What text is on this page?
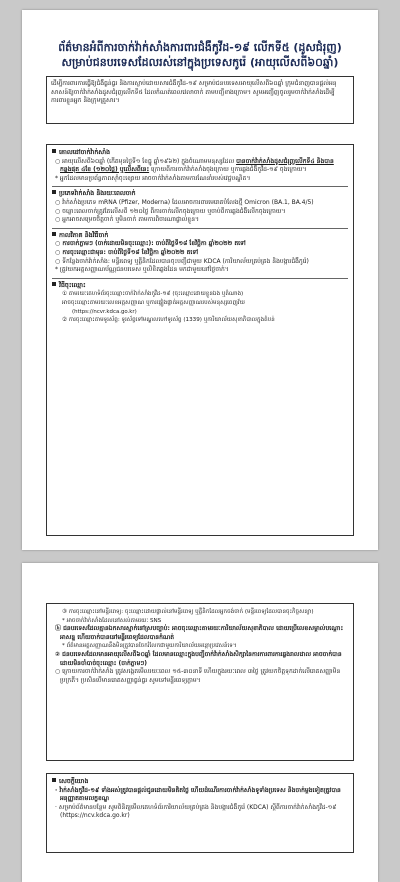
ព័ត៌មានអំពីការចាក់វ៉ាក់សាំងការពារជំងឺកូវីដ-១៩ លើកទី៥ (ដូសជំរុញ)
សម្រាប់ជនបរទេសដែលរស់នៅក្នុងប្រទេសកូរ៉េ (អាយុលើសពី៦០ឆ្នាំ)
ដើម្បីការពារការធ្វើឱ្យជំងឺធ្ងន់ធ្ងរ និងការស្លាប់ដោយសារជំងឺកូវីដ-១៩ សម្រាប់ជនបរទេសអាយុលើសពី៦០ឆ្នាំ ក្រុមជំនាញបានផ្តល់អនុសាសន៍ឱ្យចាក់វ៉ាក់សាំងដូសជំរុញលើកទី៥ ដែលកំណត់ពេលវេលាចាក់ តាមបញ្ជីខាងក្រោម។ សូមអញ្ជើញចូលរួមចាក់វ៉ាក់សាំងដើម្បីការពារខ្លួនអ្នក និងក្រុមគ្រួសារ។
គោលដៅចាក់វ៉ាក់សាំង
○ អាយុលើសពី៦០ឆ្នាំ (កើតមុនថ្ងៃទី១ ខែធ្នូ ឆ្នាំ១៩៦២) ក្នុងចំណោមមនុស្សដែល បានចាក់វ៉ាក់សាំងដូសជំរុញលើកទី៤ និងបានកន្លងផុត ៤ខែ (១២០ថ្ងៃ) ឬលើសពីនេះ ក្រោយពីការចាក់វ៉ាក់សាំងចុងក្រោយ ឬការឆ្លងជំងឺកូវីដ-១៩ ចុងក្រោយ។
* អ្នកដែលមានប្រព័ន្ធភាពស៊ាំចុះខ្សោយ អាចចាក់វ៉ាក់សាំងតាមការណែនាំរបស់វេជ្ជបណ្ឌិត។
ប្រភេទវ៉ាក់សាំង និងរយៈពេលចាក់
○ វ៉ាក់សាំងប្រភេទ mRNA (Pfizer, Moderna) ដែលអាចការពារមេរោគបំលែងថ្មី Omicron (BA.1, BA.4/5)
○ ចន្លោះពេលចាក់ត្រូវតែលើសពី ១២០ថ្ងៃ ពីការចាក់លើកចុងក្រោយ ឬចាប់ពីការឆ្លងជំងឺលើកចុងក្រោយ។
○ អ្នកអាចសម្រេចចិត្តចាក់ ឬមិនចាក់ តាមការពិចារណាផ្ទាល់ខ្លួន។
កាលវិភាគ និងវិធីចាក់
○ ការចាក់ភ្លាមៗ (ចាក់ដោយមិនចុះឈ្មោះ): ចាប់ពីថ្ងៃទី១៨ ខែវិច្ឆិកា ឆ្នាំ២០២២ តទៅ
○ ការចុះឈ្មោះជាមុន: ចាប់ពីថ្ងៃទី១៨ ខែវិច្ឆិកា ឆ្នាំ២០២២ តទៅ
○ ទីកន្លែងចាក់វ៉ាក់សាំង: មន្ទីរពេទ្យ ឬគ្លីនិកដែលបានចុះបញ្ជីជាមួយ KDCA (ការិយាល័យគ្រប់គ្រង និងបង្ការជំងឺកូរ៉េ)
* ត្រូវយកអត្តសញ្ញាណប័ណ្ណជនបរទេស ឬលិខិតឆ្លងដែន មកជាមួយនៅថ្ងៃចាក់។
វិធីចុះឈ្មោះ
① តាមរយៈគេហទំព័រចុះឈ្មោះចាក់វ៉ាក់សាំងកូវីដ-១៩ (ចុះឈ្មោះដោយខ្លួនឯង ឬតំណាង)
អាចចុះឈ្មោះតាមរយៈលេខអត្តសញ្ញាណ ឬការផ្ទៀងផ្ទាត់អត្តសញ្ញាណរបស់មនុស្សពេញវ័យ
(https://ncvr.kdca.go.kr)
② ការចុះឈ្មោះតាមទូរស័ព្ទ: ទូរស័ព្ទទៅមណ្ឌលហៅទូរស័ព្ទ (1339) ឬការិយាល័យសុខាភិបាលក្នុងតំបន់
③ ការចុះឈ្មោះនៅមន្ទីរពេទ្យ: ចុះឈ្មោះដោយផ្ទាល់នៅមន្ទីរពេទ្យ ឬគ្លីនិកដែលអ្នកចង់ចាក់ (មន្ទីរពេទ្យដែលបានចុះកិច្ចសន្យា)
* អាចចាក់វ៉ាក់សាំងដែលនៅសល់តាមរយៈ SNS
ⓑ ជនបរទេសដែលគ្មានឯកសារស្នាក់នៅស្របច្បាប់: អាចចុះឈ្មោះតាមរយៈការិយាល័យសុខាភិបាល ដោយប្រើលេខសម្គាល់បណ្តោះអាសន្ន ហើយចាក់បាននៅមន្ទីរពេទ្យដែលបានកំណត់
* ព័ត៌មានអត្តសញ្ញាណនឹងមិនត្រូវបានចែករំលែកជាមួយការិយាល័យអន្តោប្រវេសន៍ទេ។
② ជនបរទេសដែលមានអាយុលើសពី៦០ឆ្នាំ ដែលមានឈ្មោះក្នុងបញ្ជីចាក់វ៉ាក់សាំងសិក្សានៃការការពារការឆ្លងរាលដាល អាចចាក់បានដោយមិនចាំបាច់ចុះឈ្មោះ (ចាក់ភ្លាមៗ)
○ ក្រោយការចាក់វ៉ាក់សាំង ត្រូវសង្កេតមើលរយៈពេល ១៥-៣០នាទី ហើយក្នុងរយៈពេល ៣ថ្ងៃ ត្រូវយកចិត្តទុកដាក់លើរោគសញ្ញាមិនប្រក្រតី។ ប្រសិនបើមានរោគសញ្ញាធ្ងន់ធ្ងរ សូមទៅមន្ទីរពេទ្យភ្លាម។
សេចក្តីយោង
· វ៉ាក់សាំងកូវីដ-១៩ ទាំងអស់ត្រូវបានផ្តល់ជូនដោយមិនគិតថ្លៃ ហើយដំណើរការចាក់វ៉ាក់សាំងទូទាំងប្រទេស និងចាក់ម្តងទៀតត្រូវបានអនុញ្ញាតតាមលក្ខខណ្ឌ
· សម្រាប់ព័ត៌មានបន្ថែម សូមពិនិត្យមើលគេហទំព័រការិយាល័យគ្រប់គ្រង និងបង្ការជំងឺកូរ៉េ (KDCA) ស្តីពីការចាក់វ៉ាក់សាំងកូវីដ-១៩ (https://ncv.kdca.go.kr)
